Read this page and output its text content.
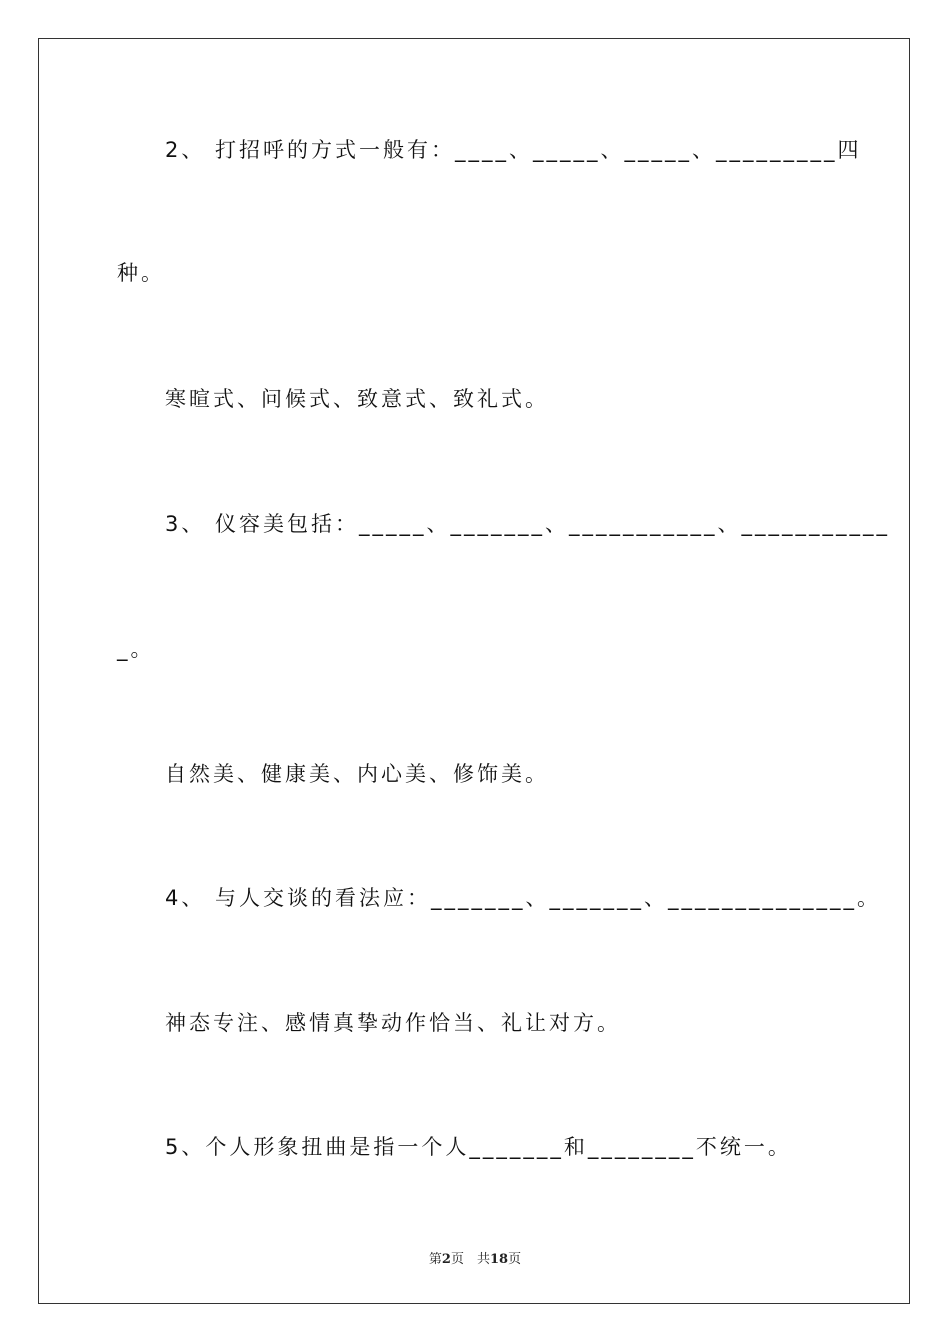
2、 打招呼的方式一般有：____、_____、_____、_________四
种。
寒暄式、问候式、致意式、致礼式。
3、 仪容美包括：_____、_______、___________、___________
_。
自然美、健康美、内心美、修饰美。
4、 与人交谈的看法应：_______、_______、______________。
神态专注、感情真挚动作恰当、礼让对方。
5、个人形象扭曲是指一个人_______和________不统一。
第2页　共18页
